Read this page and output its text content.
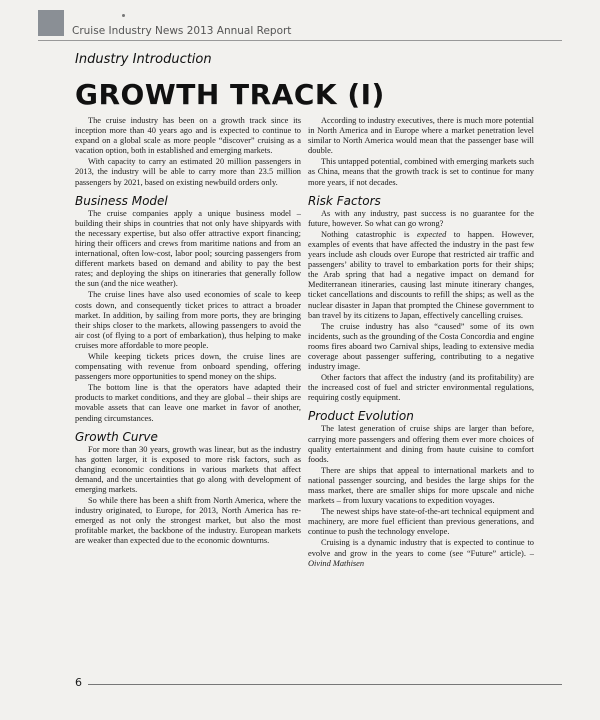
Cruise Industry News 2013 Annual Report
Industry Introduction
GROWTH TRACK (I)

The cruise industry has been on a growth track since its inception more than 40 years ago and is expected to continue to expand on a global scale as more people “discover” cruising as a vacation option, both in established and emerging markets.

With capacity to carry an estimated 20 million passengers in 2013, the industry will be able to carry more than 23.5 million passengers by 2021, based on existing newbuild orders only.

Business Model

The cruise companies apply a unique business model – building their ships in countries that not only have shipyards with the necessary expertise, but also offer attractive export financing; hiring their officers and crews from maritime nations and from an international, often low-cost, labor pool; sourcing passengers from different markets based on demand and ability to pay the best rates; and deploying the ships on itineraries that generally follow the sun (and the nice weather).

The cruise lines have also used economies of scale to keep costs down, and consequently ticket prices to attract a broader market. In addition, by sailing from more ports, they are bringing their ships closer to the markets, allowing passengers to avoid the air cost (of flying to a port of embarkation), thus helping to make cruises more affordable to more people.

While keeping tickets prices down, the cruise lines are compensating with revenue from onboard spending, offering passengers more opportunities to spend money on the ships.

The bottom line is that the operators have adapted their products to market conditions, and they are global – their ships are movable assets that can leave one market in favor of another, pending circumstances.

Growth Curve

For more than 30 years, growth was linear, but as the industry has gotten larger, it is exposed to more risk factors, such as changing economic conditions in various markets that affect demand, and the uncertainties that go along with development of emerging markets.

So while there has been a shift from North America, where the industry originated, to Europe, for 2013, North America has re-emerged as not only the strongest market, but also the most profitable market, the backbone of the industry. European markets are weaker than expected due to the economic downturns.

According to industry executives, there is much more potential in North America and in Europe where a market penetration level similar to North America would mean that the passenger base will double.

This untapped potential, combined with emerging markets such as China, means that the growth track is set to continue for many more years, if not decades.

Risk Factors

As with any industry, past success is no guarantee for the future, however. So what can go wrong?

Nothing catastrophic is expected to happen. However, examples of events that have affected the industry in the past few years include ash clouds over Europe that restricted air traffic and passengers’ ability to travel to embarkation ports for their ships; the Arab spring that had a negative impact on demand for Mediterranean itineraries, causing last minute itinerary changes, ticket cancellations and discounts to refill the ships; as well as the nuclear disaster in Japan that prompted the Chinese government to ban travel by its citizens to Japan, effectively cancelling cruises.

The cruise industry has also “caused” some of its own incidents, such as the grounding of the Costa Concordia and engine rooms fires aboard two Carnival ships, leading to extensive media coverage about passenger suffering, contributing to a negative industry image.

Other factors that affect the industry (and its profitability) are the increased cost of fuel and stricter environmental regulations, requiring costly equipment.

Product Evolution

The latest generation of cruise ships are larger than before, carrying more passengers and offering them ever more choices of quality entertainment and dining from haute cuisine to comfort foods.

There are ships that appeal to international markets and to national passenger sourcing, and besides the large ships for the mass market, there are smaller ships for more upscale and niche markets – from luxury vacations to expedition voyages.

The newest ships have state-of-the-art technical equipment and machinery, are more fuel efficient than previous generations, and continue to push the technology envelope.

Cruising is a dynamic industry that is expected to continue to evolve and grow in the years to come (see “Future” article). – Oivind Mathisen

6
